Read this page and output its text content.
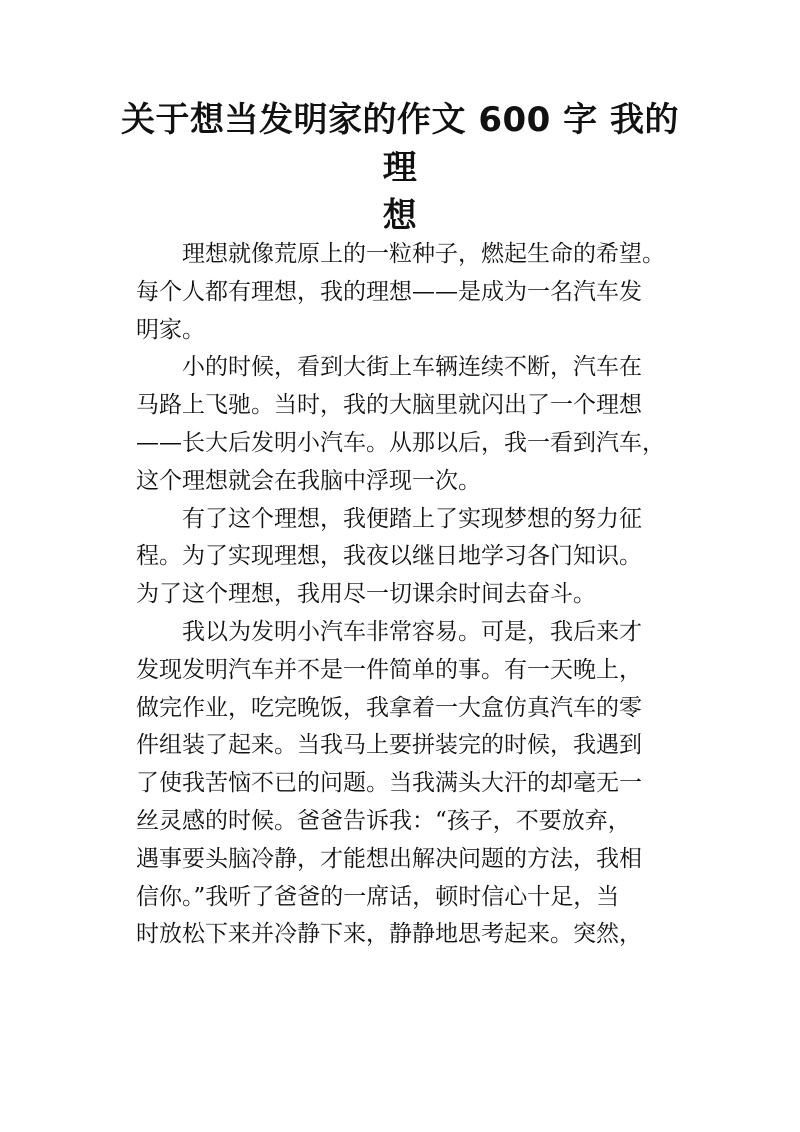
关于想当发明家的作文 600 字 我的理
想
理想就像荒原上的一粒种子，燃起生命的希望。
每个人都有理想，我的理想——是成为一名汽车发
明家。
小的时候，看到大街上车辆连续不断，汽车在
马路上飞驰。当时，我的大脑里就闪出了一个理想
——长大后发明小汽车。从那以后，我一看到汽车，
这个理想就会在我脑中浮现一次。
有了这个理想，我便踏上了实现梦想的努力征
程。为了实现理想，我夜以继日地学习各门知识。
为了这个理想，我用尽一切课余时间去奋斗。
我以为发明小汽车非常容易。可是，我后来才
发现发明汽车并不是一件简单的事。有一天晚上，
做完作业，吃完晚饭，我拿着一大盒仿真汽车的零
件组装了起来。当我马上要拼装完的时候，我遇到
了使我苦恼不已的问题。当我满头大汗的却毫无一
丝灵感的时候。爸爸告诉我：“孩子，不要放弃，
遇事要头脑冷静，才能想出解决问题的方法，我相
信你。”我听了爸爸的一席话，顿时信心十足，当
时放松下来并冷静下来，静静地思考起来。突然，
